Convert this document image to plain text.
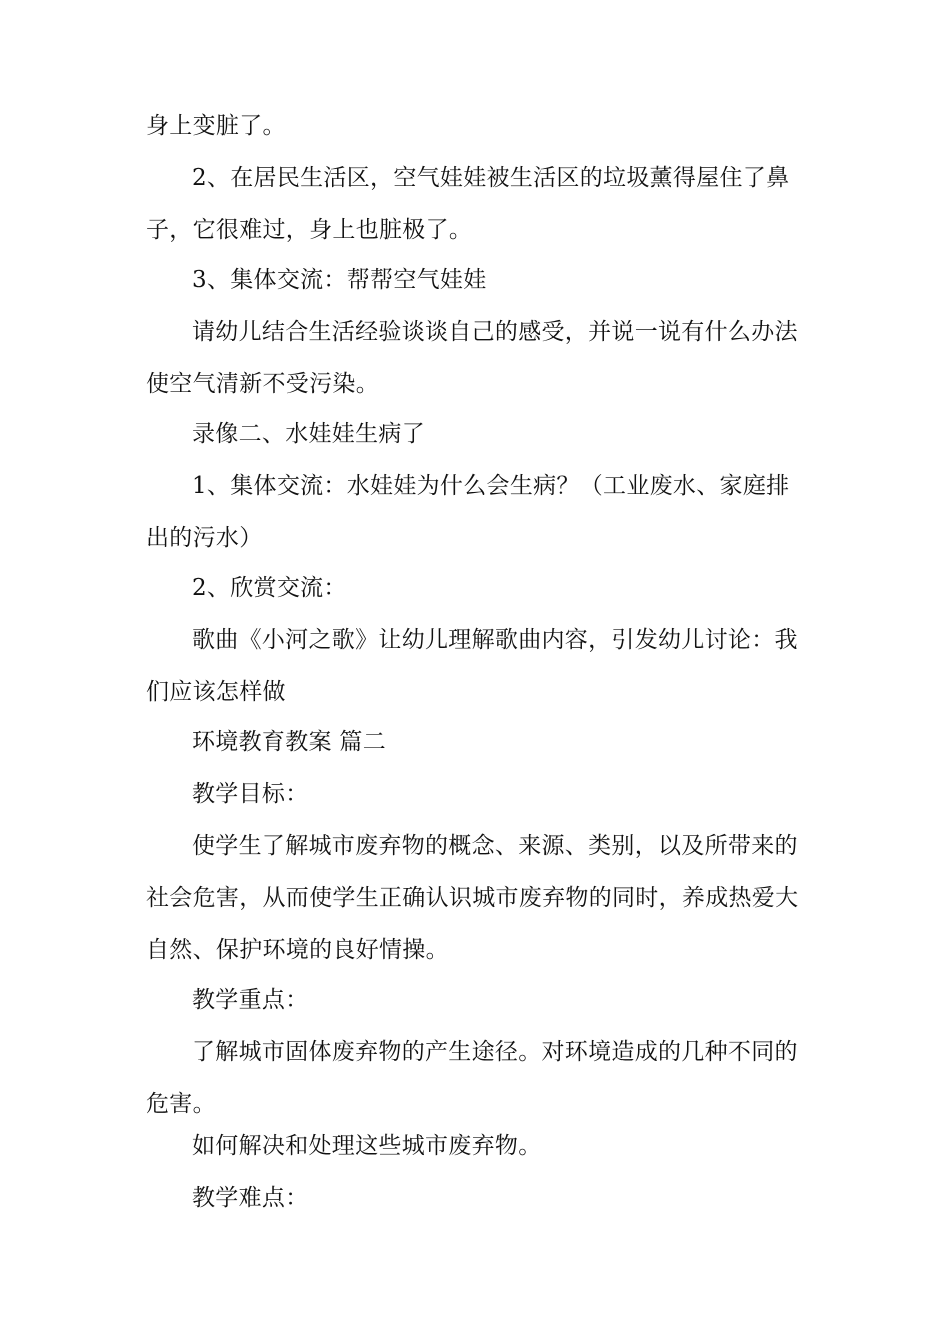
身上变脏了。

2、在居民生活区，空气娃娃被生活区的垃圾薰得屋住了鼻
子，它很难过，身上也脏极了。

3、集体交流：帮帮空气娃娃

请幼儿结合生活经验谈谈自己的感受，并说一说有什么办法
使空气清新不受污染。

录像二、水娃娃生病了

1、集体交流：水娃娃为什么会生病？（工业废水、家庭排
出的污水）

2、欣赏交流：

歌曲《小河之歌》让幼儿理解歌曲内容，引发幼儿讨论：我
们应该怎样做

环境教育教案 篇二

教学目标：

使学生了解城市废弃物的概念、来源、类别，以及所带来的
社会危害，从而使学生正确认识城市废弃物的同时，养成热爱大
自然、保护环境的良好情操。

教学重点：

了解城市固体废弃物的产生途径。对环境造成的几种不同的
危害。

如何解决和处理这些城市废弃物。

教学难点：
